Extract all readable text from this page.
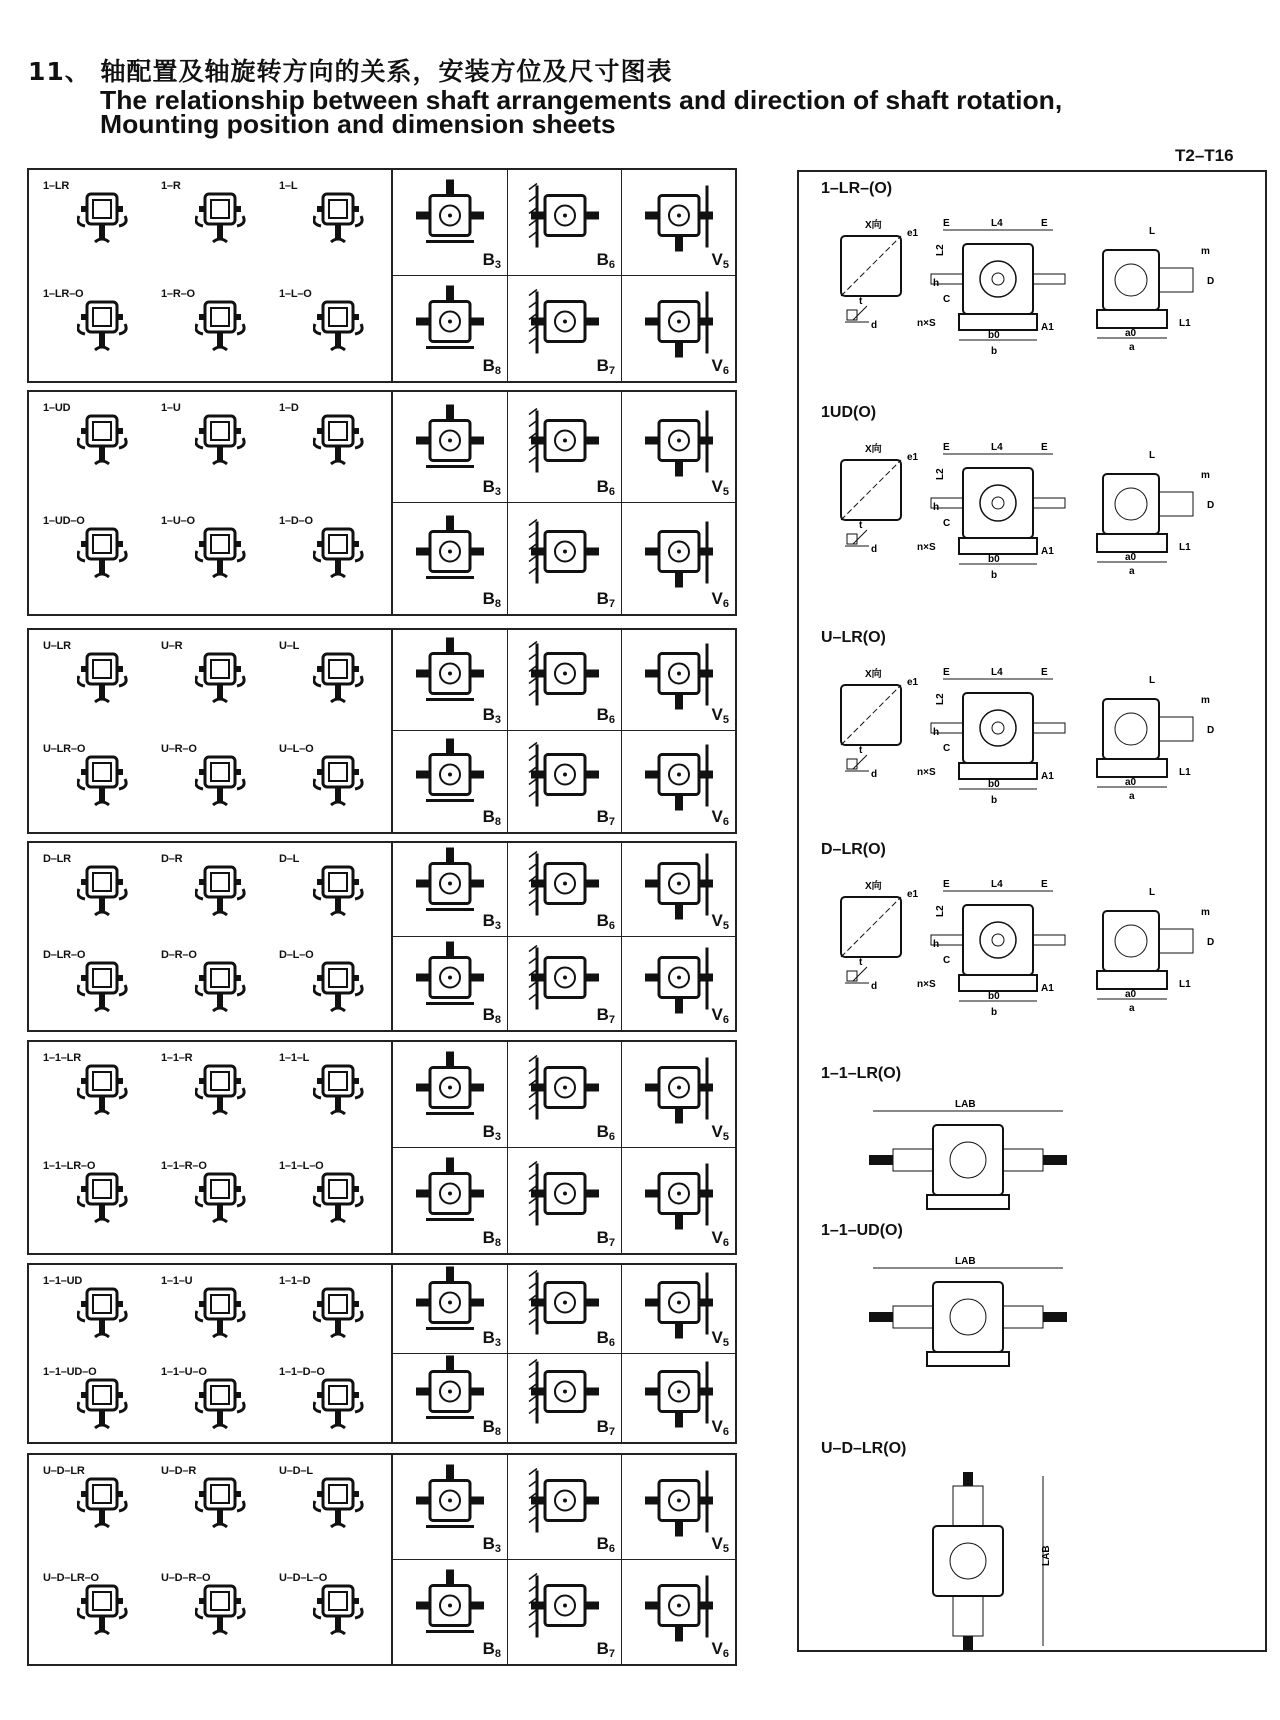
11、 轴配置及轴旋转方向的关系，安装方位及尺寸图表
The relationship between shaft arrangements and direction of shaft rotation,
Mounting position and dimension sheets
T2–T16
1–LR	1–R	1–L
1–LR–O	1–R–O	1–L–O
$B_3$	$B_6$	$V_5$
$B_8$	$B_7$	$V_6$
1–UD	1–U	1–D
1–UD–O	1–U–O	1–D–O
$B_3$	$B_6$	$V_5$
$B_8$	$B_7$	$V_6$
U–LR	U–R	U–L
U–LR–O	U–R–O	U–L–O
$B_3$	$B_6$	$V_5$
$B_8$	$B_7$	$V_6$
D–LR	D–R	D–L
D–LR–O	D–R–O	D–L–O
$B_3$	$B_6$	$V_5$
$B_8$	$B_7$	$V_6$
1–1–LR	1–1–R	1–1–L
1–1–LR–O	1–1–R–O	1–1–L–O
$B_3$	$B_6$	$V_5$
$B_8$	$B_7$	$V_6$
1–1–UD	1–1–U	1–1–D
1–1–UD–O	1–1–U–O	1–1–D–O
$B_3$	$B_6$	$V_5$
$B_8$	$B_7$	$V_6$
U–D–LR	U–D–R	U–D–L
U–D–LR–O	U–D–R–O	U–D–L–O
$B_3$	$B_6$	$V_5$
$B_8$	$B_7$	$V_6$
1–LR–(O)
X向
e1
d
t
L4
E	E
b0
b
A1
n×S
C
h
L2
a0
a
L1
L
m
D
1UD(O)
X向
e1
d
t
L4
E	E
b0
b
A1
n×S
C
h
L2
a0
a
L1
L
m
D
U–LR(O)
X向
e1
d
t
L4
E	E
b0
b
A1
n×S
C
h
L2
a0
a
L1
L
m
D
D–LR(O)
X向
e1
d
t
L4
E	E
b0
b
A1
n×S
C
h
L2
a0
a
L1
L
m
D
1–1–LR(O)
LAB
1–1–UD(O)
LAB
U–D–LR(O)
LAB
